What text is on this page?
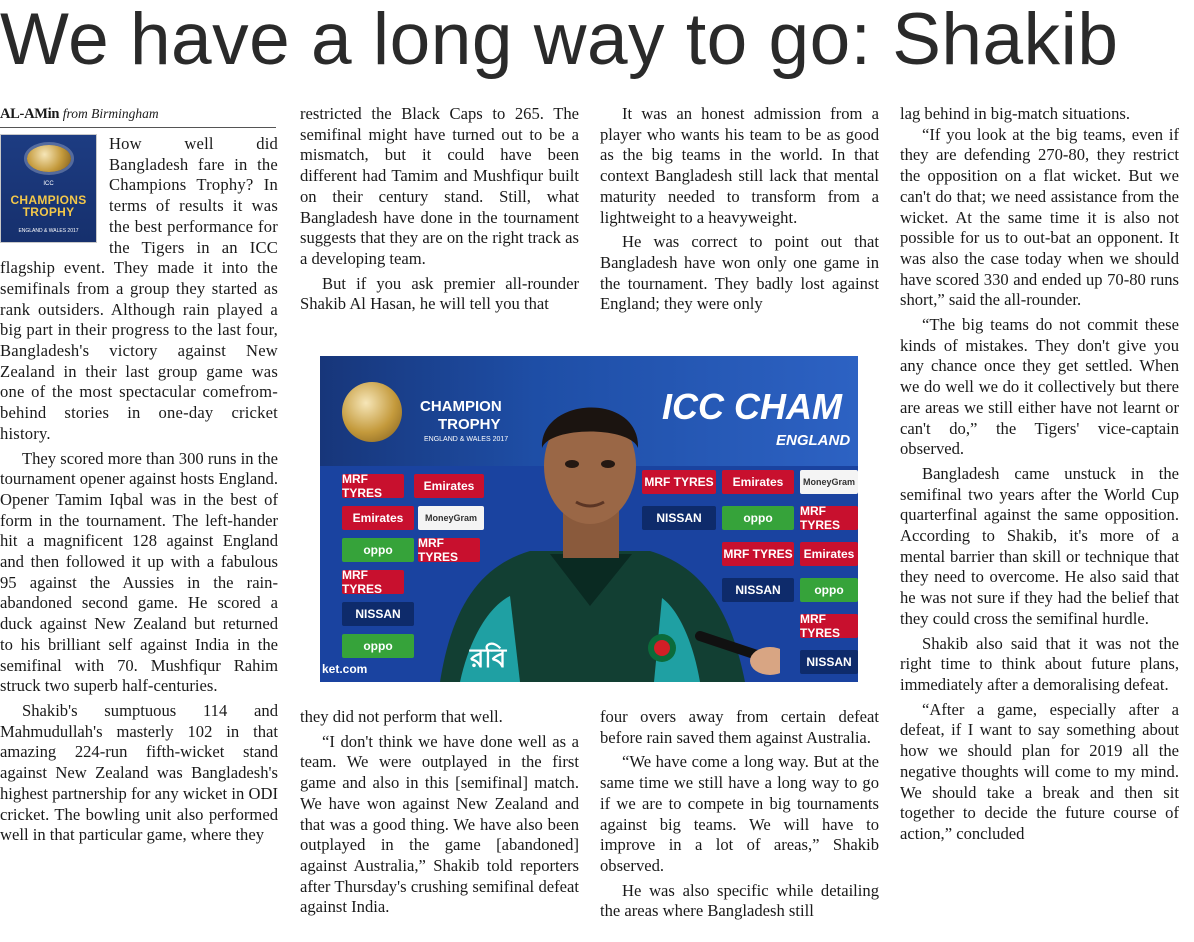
We have a long way to go: Shakib
AL-AMin from Birmingham
ICC
CHAMPIONS
TROPHY
ENGLAND & WALES 2017

How well did Bangladesh fare in the Champions Trophy? In terms of results it was the best performance for the Tigers in an ICC flagship event. They made it into the semifinals from a group they started as rank outsiders. Although rain played a big part in their progress to the last four, Bangladesh's victory against New Zealand in their last group game was one of the most spectacular comefrom-behind stories in one-day cricket history.

They scored more than 300 runs in the tournament opener against hosts England. Opener Tamim Iqbal was in the best of form in the tournament. The left-hander hit a magnificent 128 against England and then followed it up with a fabulous 95 against the Aussies in the rainabandoned second game. He scored a duck against New Zealand but returned to his brilliant self against India in the semifinal with 70. Mushfiqur Rahim struck two superb half-centuries.

Shakib's sumptuous 114 and Mahmudullah's masterly 102 in that amazing 224-run fifth-wicket stand against New Zealand was Bangladesh's highest partnership for any wicket in ODI cricket. The bowling unit also performed well in that particular game, where they

restricted the Black Caps to 265. The semifinal might have turned out to be a mismatch, but it could have been different had Tamim and Mushfiqur built on their century stand. Still, what Bangladesh have done in the tournament suggests that they are on the right track as a developing team.

But if you ask premier all-rounder Shakib Al Hasan, he will tell you that

It was an honest admission from a player who wants his team to be as good as the big teams in the world. In that context Bangladesh still lack that mental maturity needed to transform from a lightweight to a heavyweight.

He was correct to point out that Bangladesh have won only one game in the tournament. They badly lost against England; they were only

lag behind in big-match situations.

“If you look at the big teams, even if they are defending 270-80, they restrict the opposition on a flat wicket. But we can't do that; we need assistance from the wicket. At the same time it is also not possible for us to out-bat an opponent. It was also the case today when we should have scored 330 and ended up 70-80 runs short,” said the all-rounder.

“The big teams do not commit these kinds of mistakes. They don't give you any chance once they get settled. When we do well we do it collectively but there are areas we still either have not learnt or can't do,” the Tigers' vice-captain observed.

Bangladesh came unstuck in the semifinal two years after the World Cup quarterfinal against the same opposition. According to Shakib, it's more of a mental barrier than skill or technique that they need to overcome. He also said that he was not sure if they had the belief that they could cross the semifinal hurdle.

Shakib also said that it was not the right time to think about future plans, immediately after a demoralising defeat.

“After a game, especially after a defeat, if I want to say something about how we should plan for 2019 all the negative thoughts will come to my mind. We should take a break and then sit together to decide the future course of action,” concluded

CHAMPION
TROPHY
ENGLAND & WALES 2017
ICC CHAM
ENGLAND
MRF TYRES	Emirates
Emirates	MoneyGram
oppo	MRF TYRES
MRF TYRES
NISSAN
oppo
MRF TYRES	Emirates	MoneyGram
NISSAN	oppo	MRF TYRES
MRF TYRES Emirates
NISSAN	oppo
MRF TYRES
NISSAN
রবি
ket.com

they did not perform that well.

“I don't think we have done well as a team. We were outplayed in the first game and also in this [semifinal] match. We have won against New Zealand and that was a good thing. We have also been outplayed in the game [abandoned] against Australia,” Shakib told reporters after Thursday's crushing semifinal defeat against India.

four overs away from certain defeat before rain saved them against Australia.

“We have come a long way. But at the same time we still have a long way to go if we are to compete in big tournaments against big teams. We will have to improve in a lot of areas,” Shakib observed.

He was also specific while detailing the areas where Bangladesh still
